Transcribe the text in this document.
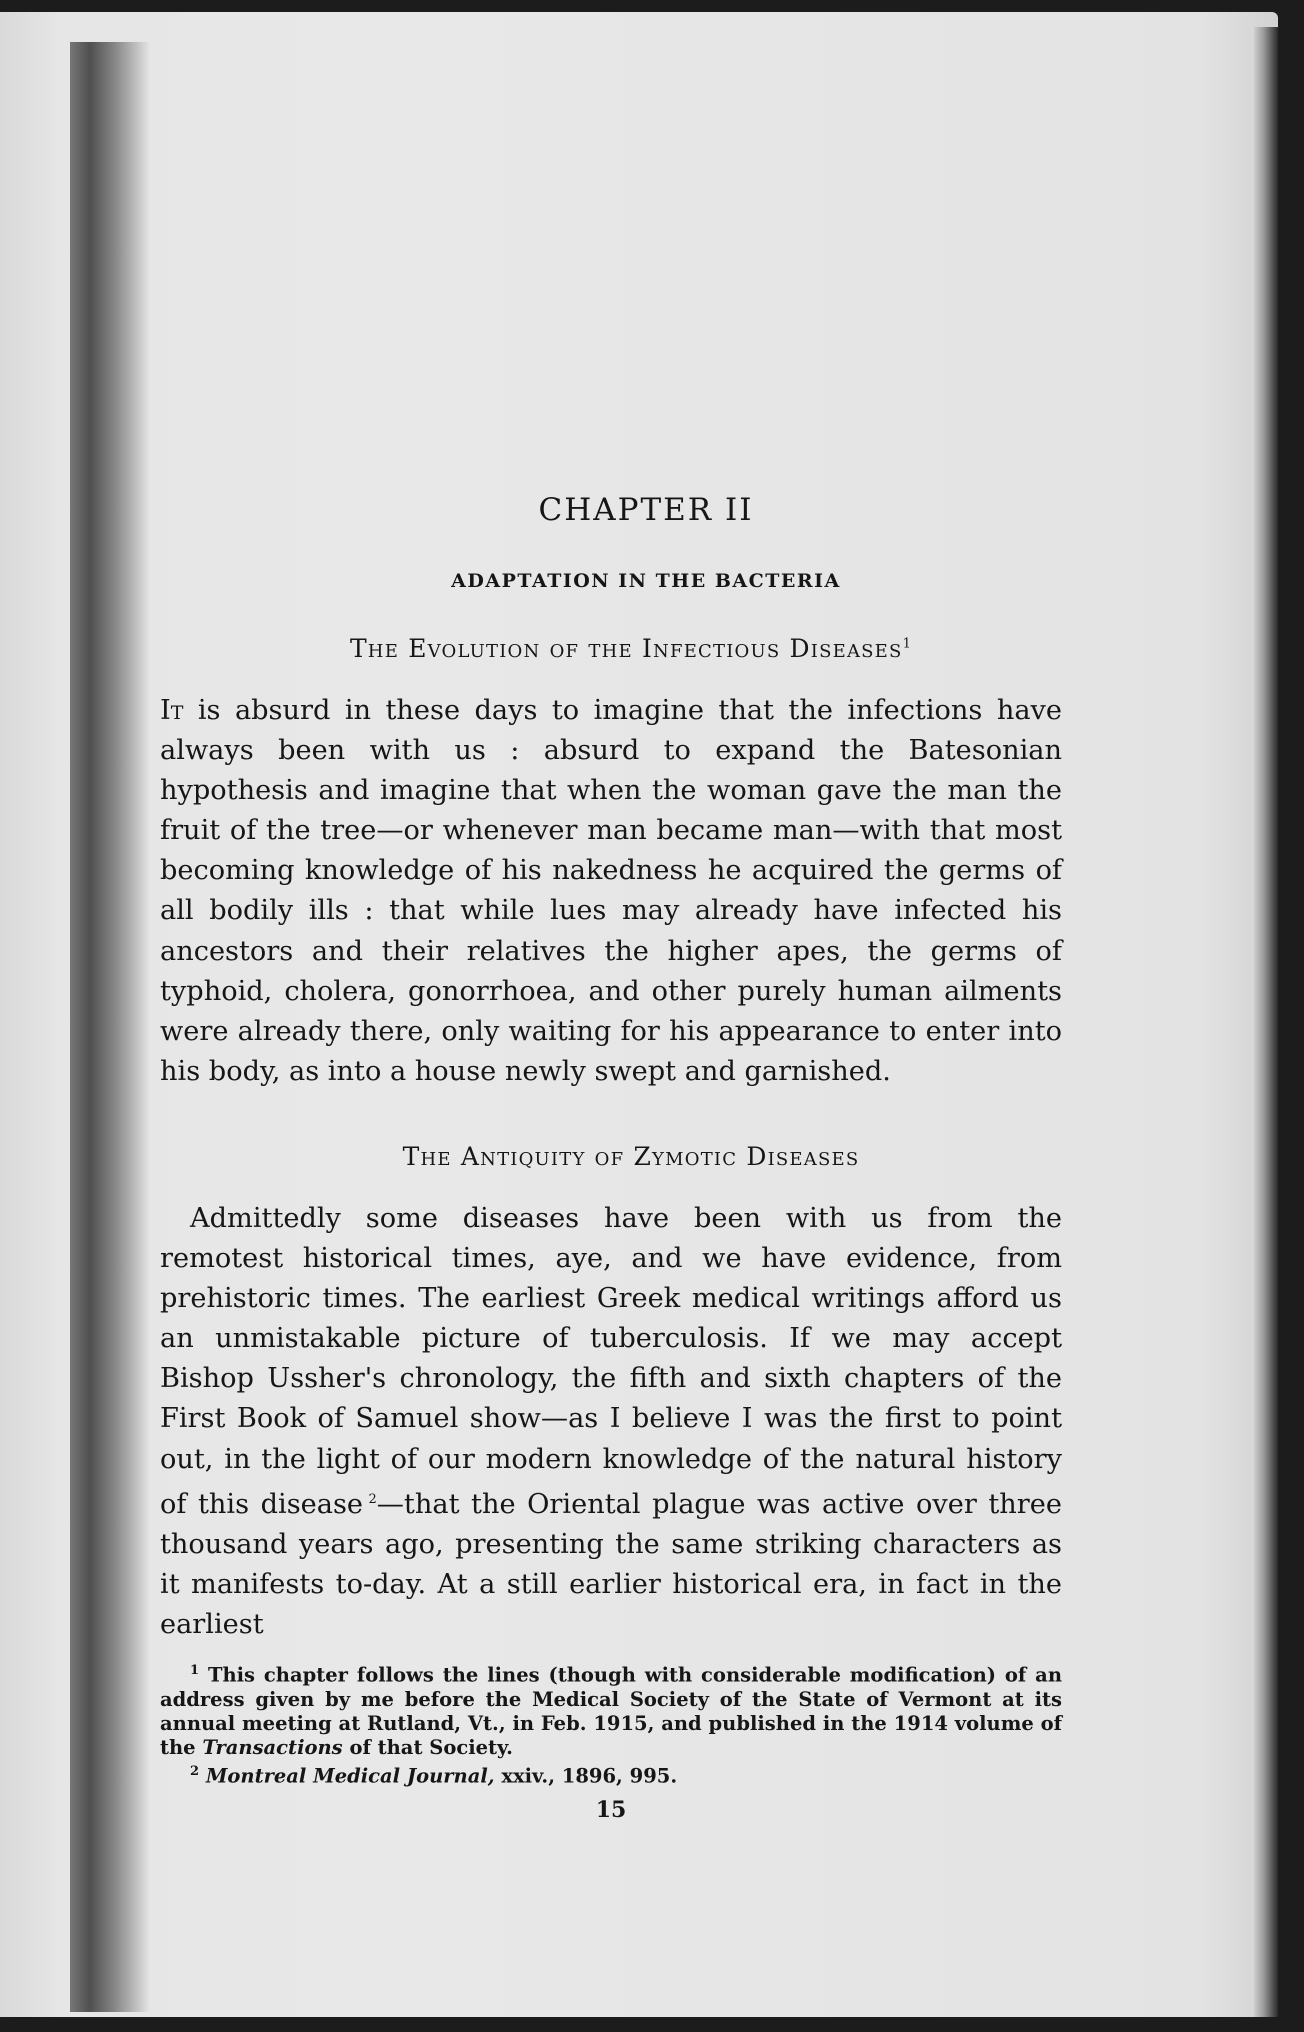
CHAPTER II
ADAPTATION IN THE BACTERIA
The Evolution of the Infectious Diseases$^1$

It is absurd in these days to imagine that the infections have always been with us : absurd to expand the Batesonian hypothesis and imagine that when the woman gave the man the fruit of the tree—or whenever man became man—with that most becoming knowledge of his nakedness he acquired the germs of all bodily ills : that while lues may already have infected his ancestors and their relatives the higher apes, the germs of typhoid, cholera, gonorrhoea, and other purely human ailments were already there, only waiting for his appearance to enter into his body, as into a house newly swept and garnished.

The Antiquity of Zymotic Diseases

Admittedly some diseases have been with us from the remotest historical times, aye, and we have evidence, from prehistoric times. The earliest Greek medical writings afford us an unmistakable picture of tuberculosis. If we may accept Bishop Ussher's chronology, the fifth and sixth chapters of the First Book of Samuel show—as I believe I was the first to point out, in the light of our modern knowledge of the natural history of this disease  $^2$—that the Oriental plague was active over three thousand years ago, presenting the same striking characters as it manifests to-day. At a still earlier historical era, in fact in the earliest

$^1$ This chapter follows the lines (though with considerable modification) of an address given by me before the Medical Society of the State of Vermont at its annual meeting at Rutland, Vt., in Feb. 1915, and published in the 1914 volume of the Transactions of that Society.

$^2$ Montreal Medical Journal, xxiv., 1896, 995.

15
